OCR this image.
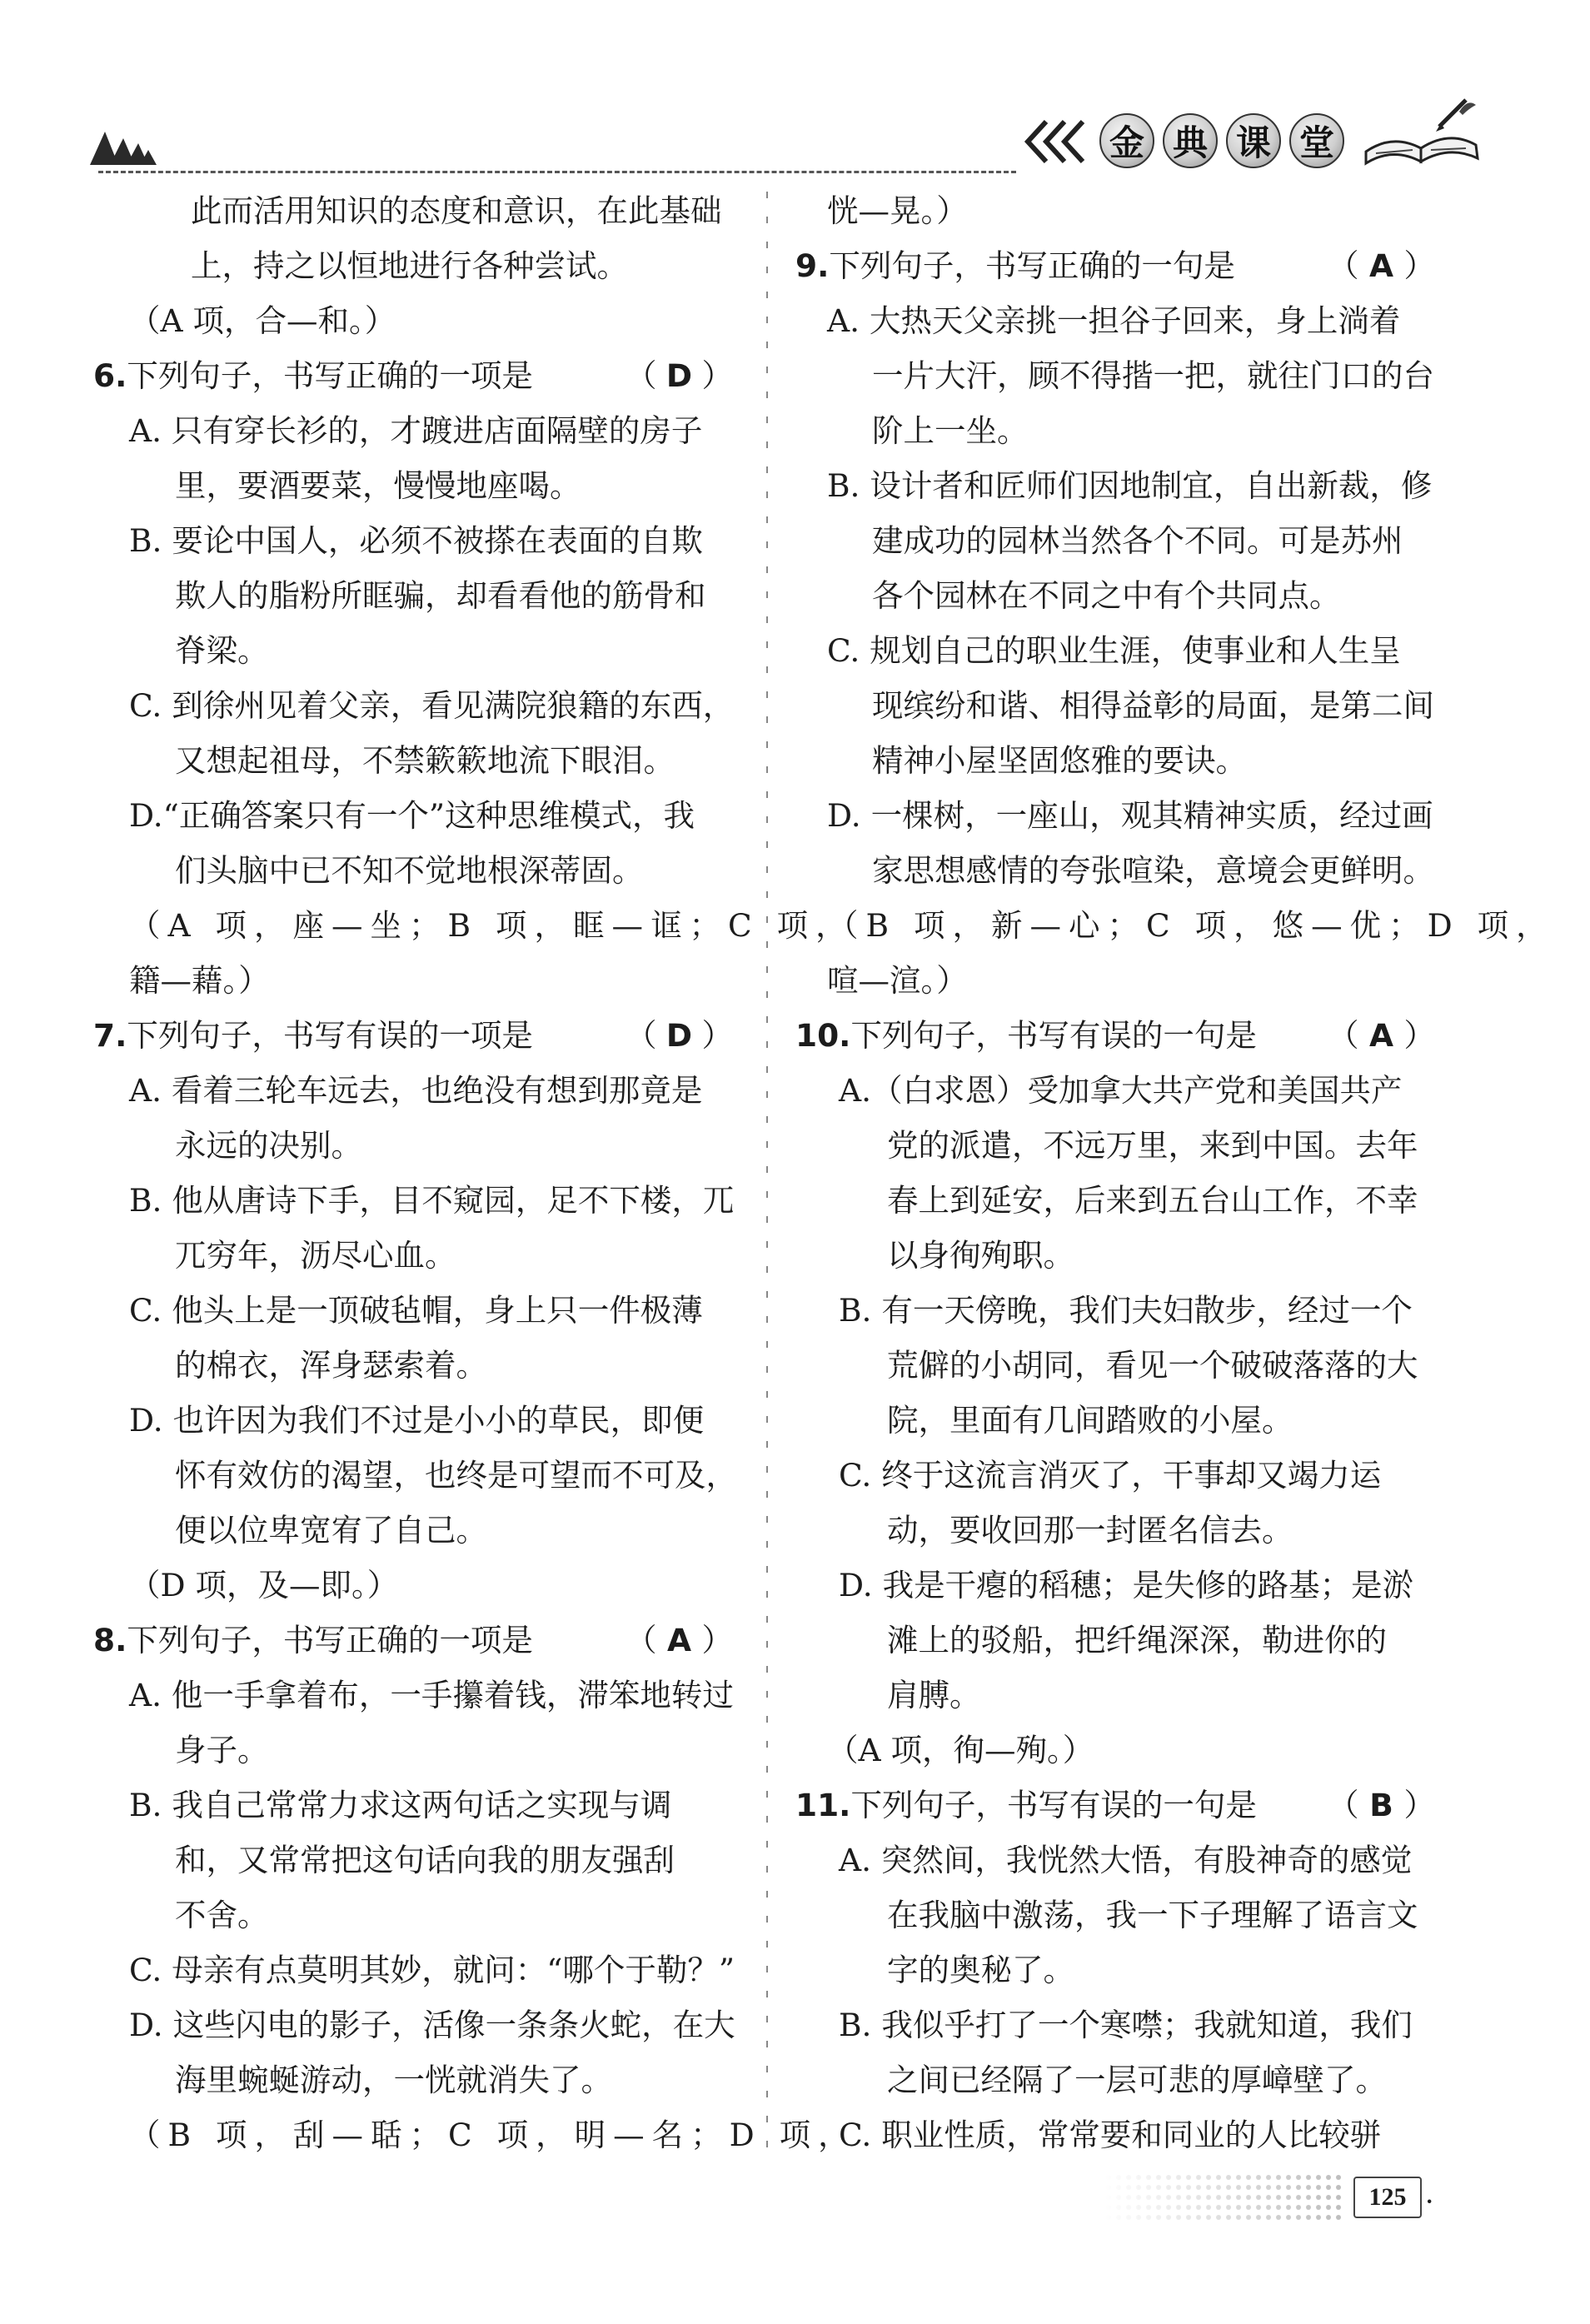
金 典 课 堂
此而活用知识的态度和意识，在此基础
上，持之以恒地进行各种尝试。
（A 项，合—和。）
6.下列句子，书写正确的一项是	（ D ）
A. 只有穿长衫的，才踱进店面隔壁的房子
里，要酒要菜，慢慢地座喝。
B. 要论中国人，必须不被搽在表面的自欺
欺人的脂粉所眶骗，却看看他的筋骨和
脊梁。
C. 到徐州见着父亲，看见满院狼籍的东西，
又想起祖母，不禁簌簌地流下眼泪。
D.“正确答案只有一个”这种思维模式，我
们头脑中已不知不觉地根深蒂固。
（A 项，座—坐；B 项，眶—诓；C 项，
籍—藉。）
7.下列句子，书写有误的一项是	（ D ）
A. 看着三轮车远去，也绝没有想到那竟是
永远的决别。
B. 他从唐诗下手，目不窥园，足不下楼，兀
兀穷年，沥尽心血。
C. 他头上是一顶破毡帽，身上只一件极薄
的棉衣，浑身瑟索着。
D. 也许因为我们不过是小小的草民，即便
怀有效仿的渴望，也终是可望而不可及，
便以位卑宽宥了自己。
（D 项，及—即。）
8.下列句子，书写正确的一项是	（ A ）
A. 他一手拿着布，一手攥着钱，滞笨地转过
身子。
B. 我自己常常力求这两句话之实现与调
和，又常常把这句话向我的朋友强刮
不舍。
C. 母亲有点莫明其妙，就问：“哪个于勒？”
D. 这些闪电的影子，活像一条条火蛇，在大
海里蜿蜒游动，一恍就消失了。
（B 项，刮—聒；C 项，明—名；D 项，
恍—晃。）
9.下列句子，书写正确的一句是	（ A ）
A. 大热天父亲挑一担谷子回来，身上淌着
一片大汗，顾不得揩一把，就往门口的台
阶上一坐。
B. 设计者和匠师们因地制宜，自出新裁，修
建成功的园林当然各个不同。可是苏州
各个园林在不同之中有个共同点。
C. 规划自己的职业生涯，使事业和人生呈
现缤纷和谐、相得益彰的局面，是第二间
精神小屋坚固悠雅的要诀。
D. 一棵树，一座山，观其精神实质，经过画
家思想感情的夸张喧染，意境会更鲜明。
（B 项，新—心；C 项，悠—优；D 项，
喧—渲。）
10.下列句子，书写有误的一句是 （ A ）
A.（白求恩）受加拿大共产党和美国共产
党的派遣，不远万里，来到中国。去年
春上到延安，后来到五台山工作，不幸
以身徇殉职。
B. 有一天傍晚，我们夫妇散步，经过一个
荒僻的小胡同，看见一个破破落落的大
院，里面有几间踏败的小屋。
C. 终于这流言消灭了，干事却又竭力运
动，要收回那一封匿名信去。
D. 我是干瘪的稻穗；是失修的路基；是淤
滩上的驳船，把纤绳深深，勒进你的
肩膊。
（A 项，徇—殉。）
11.下列句子，书写有误的一句是 （ B ）
A. 突然间，我恍然大悟，有股神奇的感觉
在我脑中激荡，我一下子理解了语言文
字的奥秘了。
B. 我似乎打了一个寒噤；我就知道，我们
之间已经隔了一层可悲的厚嶂壁了。
C. 职业性质，常常要和同业的人比较骈
125 ·
